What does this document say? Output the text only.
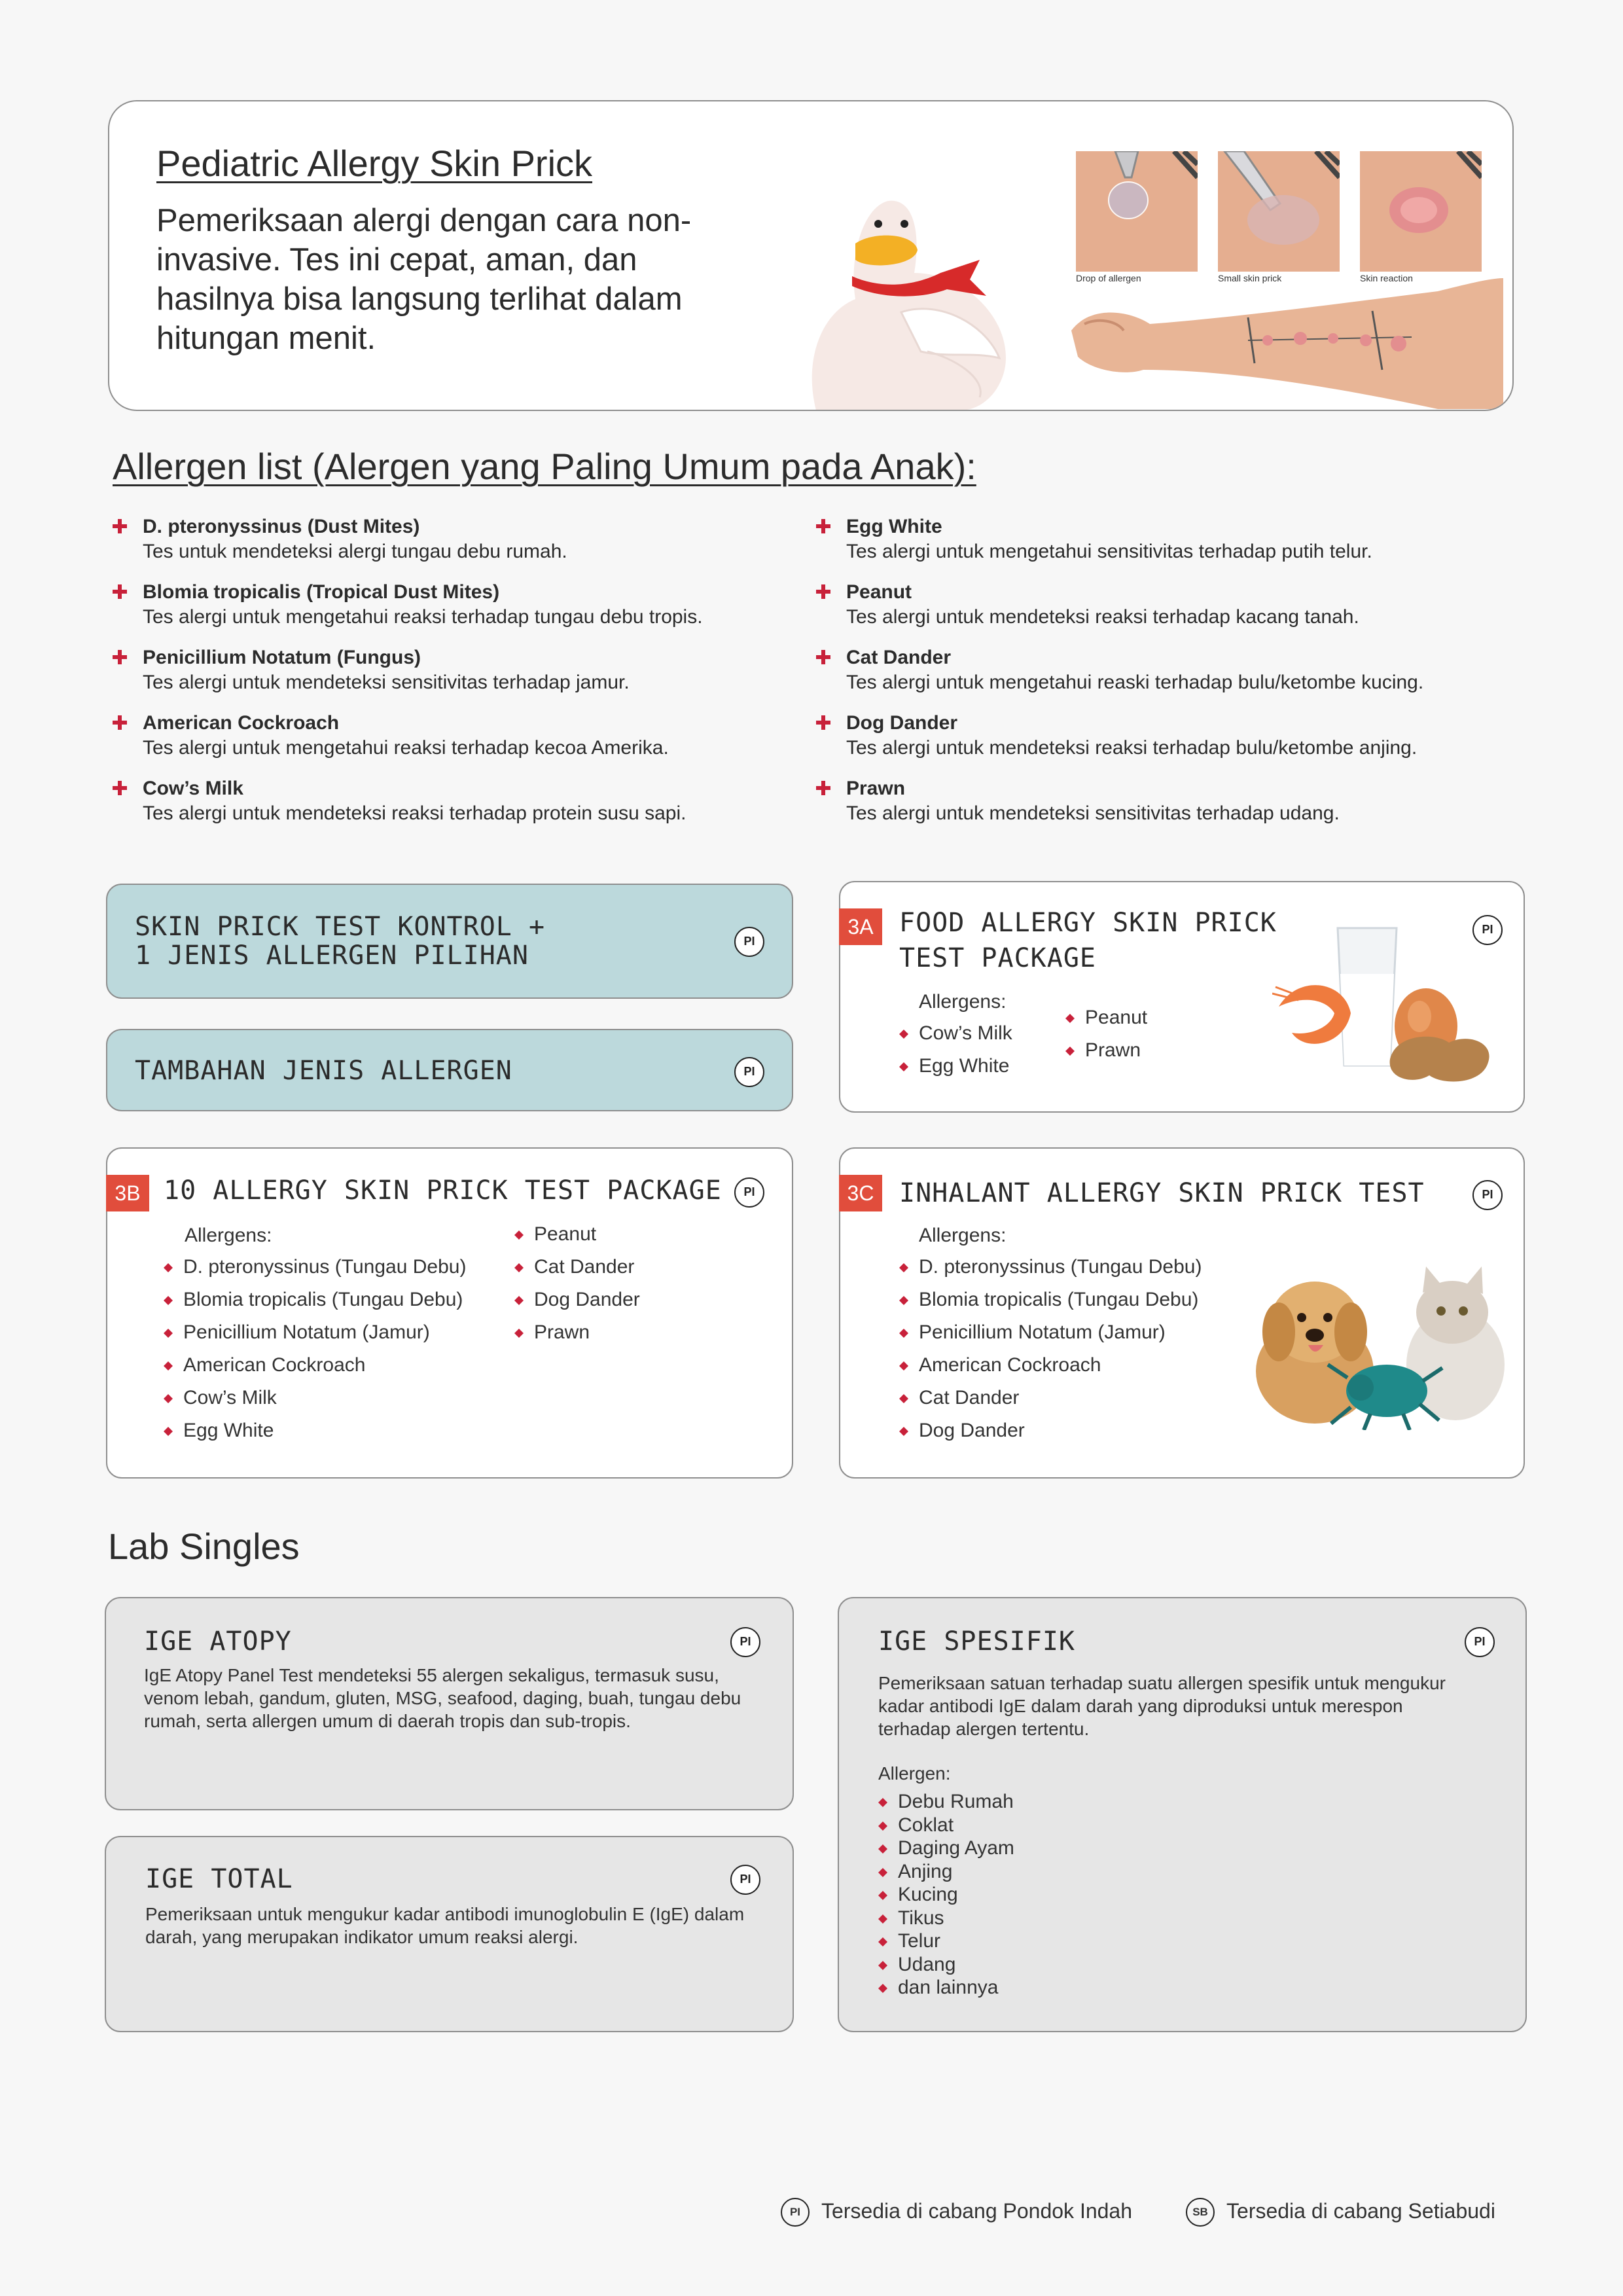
Pediatric Allergy Skin Prick
Pemeriksaan alergi dengan cara non-invasive. Tes ini cepat, aman, dan hasilnya bisa langsung terlihat dalam hitungan menit.
Drop of allergen	Small skin prick	Skin reaction
Allergen list (Alergen yang Paling Umum pada Anak):
D. pteronyssinus (Dust Mites)
Tes untuk mendeteksi alergi tungau debu rumah.
Blomia tropicalis (Tropical Dust Mites)
Tes alergi untuk mengetahui reaksi terhadap tungau debu tropis.
Penicillium Notatum (Fungus)
Tes alergi untuk mendeteksi sensitivitas terhadap jamur.
American Cockroach
Tes alergi untuk mengetahui reaksi terhadap kecoa Amerika.
Cow’s Milk
Tes alergi untuk mendeteksi reaksi terhadap protein susu sapi.
Egg White
Tes alergi untuk mengetahui sensitivitas terhadap putih telur.
Peanut
Tes alergi untuk mendeteksi reaksi terhadap kacang tanah.
Cat Dander
Tes alergi untuk mengetahui reaski terhadap bulu/ketombe kucing.
Dog Dander
Tes alergi untuk mendeteksi reaksi terhadap bulu/ketombe anjing.
Prawn
Tes alergi untuk mendeteksi sensitivitas terhadap udang.
SKIN PRICK TEST KONTROL +
1 JENIS ALLERGEN PILIHAN	PI
TAMBAHAN JENIS ALLERGEN	PI
3A FOOD ALLERGY SKIN PRICK
TEST PACKAGE
Allergens:
Cow’s Milk
Egg White
Peanut
Prawn
PI
3B 10 ALLERGY SKIN PRICK TEST PACKAGE	PI
Allergens:
D. pteronyssinus (Tungau Debu)
Blomia tropicalis (Tungau Debu)
Penicillium Notatum (Jamur)
American Cockroach
Cow’s Milk
Egg White
Peanut
Cat Dander
Dog Dander
Prawn
3C INHALANT ALLERGY SKIN PRICK TEST	PI
Allergens:
D. pteronyssinus (Tungau Debu)
Blomia tropicalis (Tungau Debu)
Penicillium Notatum (Jamur)
American Cockroach
Cat Dander
Dog Dander
Lab Singles
IGE ATOPY	PI
IgE Atopy Panel Test mendeteksi 55 alergen sekaligus, termasuk susu, venom lebah, gandum, gluten, MSG, seafood, daging, buah, tungau debu rumah, serta allergen umum di daerah tropis dan sub-tropis.
IGE TOTAL	PI
Pemeriksaan untuk mengukur kadar antibodi imunoglobulin E (IgE) dalam darah, yang merupakan indikator umum reaksi alergi.
IGE SPESIFIK	PI
Pemeriksaan satuan terhadap suatu allergen spesifik untuk mengukur kadar antibodi IgE dalam darah yang diproduksi untuk merespon terhadap alergen tertentu.
Allergen:
Debu Rumah
Coklat
Daging Ayam
Anjing
Kucing
Tikus
Telur
Udang
dan lainnya
PI Tersedia di cabang Pondok Indah	SB Tersedia di cabang Setiabudi
